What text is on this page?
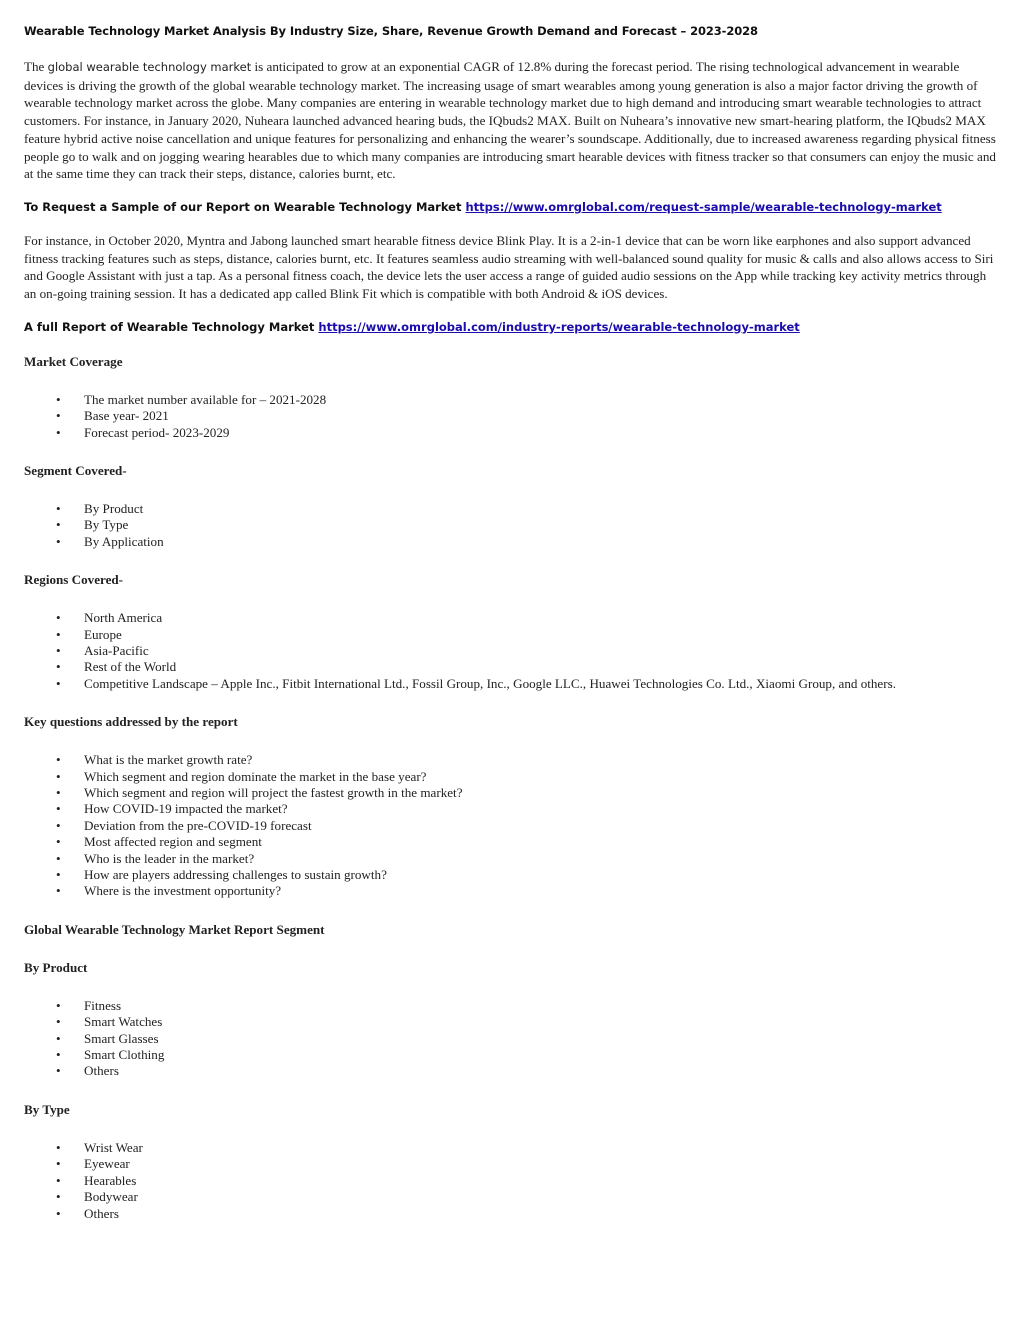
Wearable Technology Market Analysis By Industry Size, Share, Revenue Growth Demand and Forecast – 2023-2028

The global wearable technology market is anticipated to grow at an exponential CAGR of 12.8% during the forecast period. The rising technological advancement in wearable devices is driving the growth of the global wearable technology market. The increasing usage of smart wearables among young generation is also a major factor driving the growth of wearable technology market across the globe. Many companies are entering in wearable technology market due to high demand and introducing smart wearable technologies to attract customers. For instance, in January 2020, Nuheara launched advanced hearing buds, the IQbuds2 MAX. Built on Nuheara’s innovative new smart-hearing platform, the IQbuds2 MAX feature hybrid active noise cancellation and unique features for personalizing and enhancing the wearer’s soundscape. Additionally, due to increased awareness regarding physical fitness people go to walk and on jogging wearing hearables due to which many companies are introducing smart hearable devices with fitness tracker so that consumers can enjoy the music and at the same time they can track their steps, distance, calories burnt, etc.

To Request a Sample of our Report on Wearable Technology Market https://www.omrglobal.com/request-sample/wearable-technology-market

For instance, in October 2020, Myntra and Jabong launched smart hearable fitness device Blink Play. It is a 2-in-1 device that can be worn like earphones and also support advanced fitness tracking features such as steps, distance, calories burnt, etc. It features seamless audio streaming with well-balanced sound quality for music & calls and also allows access to Siri and Google Assistant with just a tap. As a personal fitness coach, the device lets the user access a range of guided audio sessions on the App while tracking key activity metrics through an on-going training session. It has a dedicated app called Blink Fit which is compatible with both Android & iOS devices.

A full Report of Wearable Technology Market https://www.omrglobal.com/industry-reports/wearable-technology-market

Market Coverage
• The market number available for – 2021-2028
• Base year- 2021
• Forecast period- 2023-2029
Segment Covered-
• By Product
• By Type
• By Application
Regions Covered-
• North America
• Europe
• Asia-Pacific
• Rest of the World
• Competitive Landscape – Apple Inc., Fitbit International Ltd., Fossil Group, Inc., Google LLC., Huawei Technologies Co. Ltd., Xiaomi Group, and others.
Key questions addressed by the report
• What is the market growth rate?
• Which segment and region dominate the market in the base year?
• Which segment and region will project the fastest growth in the market?
• How COVID-19 impacted the market?
• Deviation from the pre-COVID-19 forecast
• Most affected region and segment
• Who is the leader in the market?
• How are players addressing challenges to sustain growth?
• Where is the investment opportunity?
Global Wearable Technology Market Report Segment
By Product
• Fitness
• Smart Watches
• Smart Glasses
• Smart Clothing
• Others
By Type
• Wrist Wear
• Eyewear
• Hearables
• Bodywear
• Others
